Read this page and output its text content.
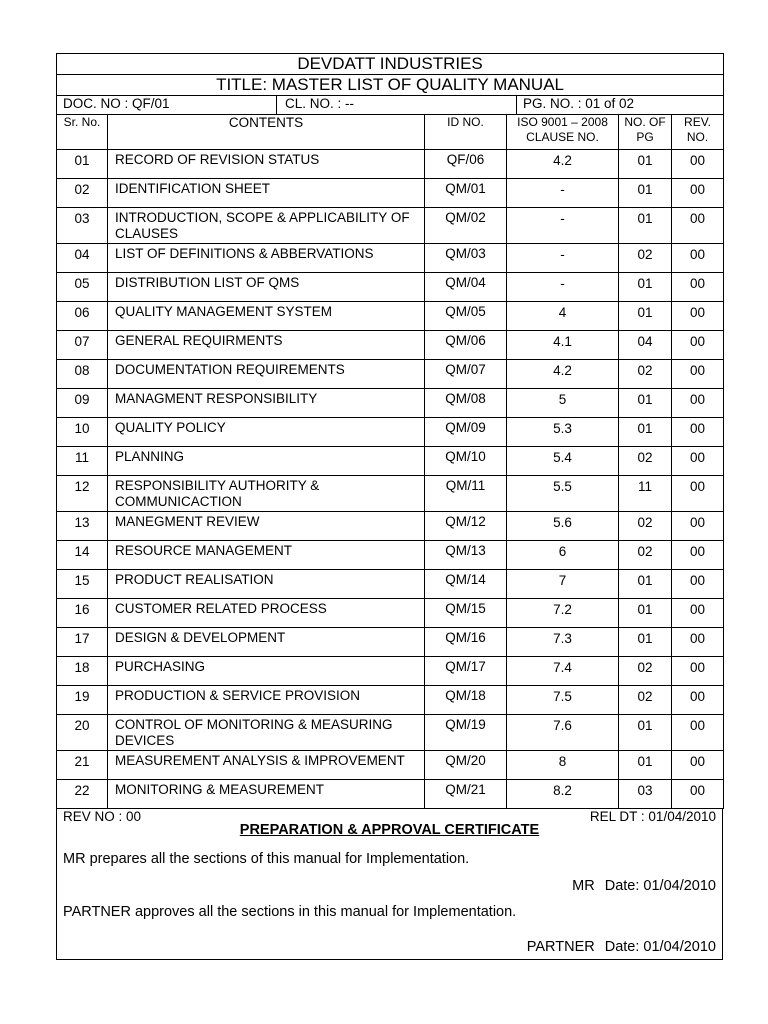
DEVDATT INDUSTRIES
TITLE: MASTER LIST OF QUALITY MANUAL
DOC. NO : QF/01	CL. NO. : --	PG. NO. : 01 of 02
Sr. No.	CONTENTS	ID NO.	ISO 9001 – 2008 CLAUSE NO.	NO. OF PG	REV. NO.
01	RECORD OF REVISION STATUS	QF/06	4.2	01	00
02	IDENTIFICATION SHEET	QM/01	-	01	00
03	INTRODUCTION, SCOPE & APPLICABILITY OF CLAUSES	QM/02	-	01	00
04	LIST OF DEFINITIONS & ABBERVATIONS	QM/03	-	02	00
05	DISTRIBUTION LIST OF QMS	QM/04	-	01	00
06	QUALITY MANAGEMENT SYSTEM	QM/05	4	01	00
07	GENERAL REQUIRMENTS	QM/06	4.1	04	00
08	DOCUMENTATION REQUIREMENTS	QM/07	4.2	02	00
09	MANAGMENT RESPONSIBILITY	QM/08	5	01	00
10	QUALITY POLICY	QM/09	5.3	01	00
11	PLANNING	QM/10	5.4	02	00
12	RESPONSIBILITY AUTHORITY & COMMUNICACTION	QM/11	5.5	11	00
13	MANEGMENT REVIEW	QM/12	5.6	02	00
14	RESOURCE MANAGEMENT	QM/13	6	02	00
15	PRODUCT REALISATION	QM/14	7	01	00
16	CUSTOMER RELATED PROCESS	QM/15	7.2	01	00
17	DESIGN & DEVELOPMENT	QM/16	7.3	01	00
18	PURCHASING	QM/17	7.4	02	00
19	PRODUCTION & SERVICE PROVISION	QM/18	7.5	02	00
20	CONTROL OF MONITORING & MEASURING DEVICES	QM/19	7.6	01	00
21	MEASUREMENT ANALYSIS & IMPROVEMENT	QM/20	8	01	00
22	MONITORING & MEASUREMENT	QM/21	8.2	03	00
REV NO : 00	REL DT : 01/04/2010
PREPARATION & APPROVAL CERTIFICATE
MR prepares all the sections of this manual for Implementation.
MR Date: 01/04/2010
PARTNER approves all the sections in this manual for Implementation.
PARTNER Date: 01/04/2010
